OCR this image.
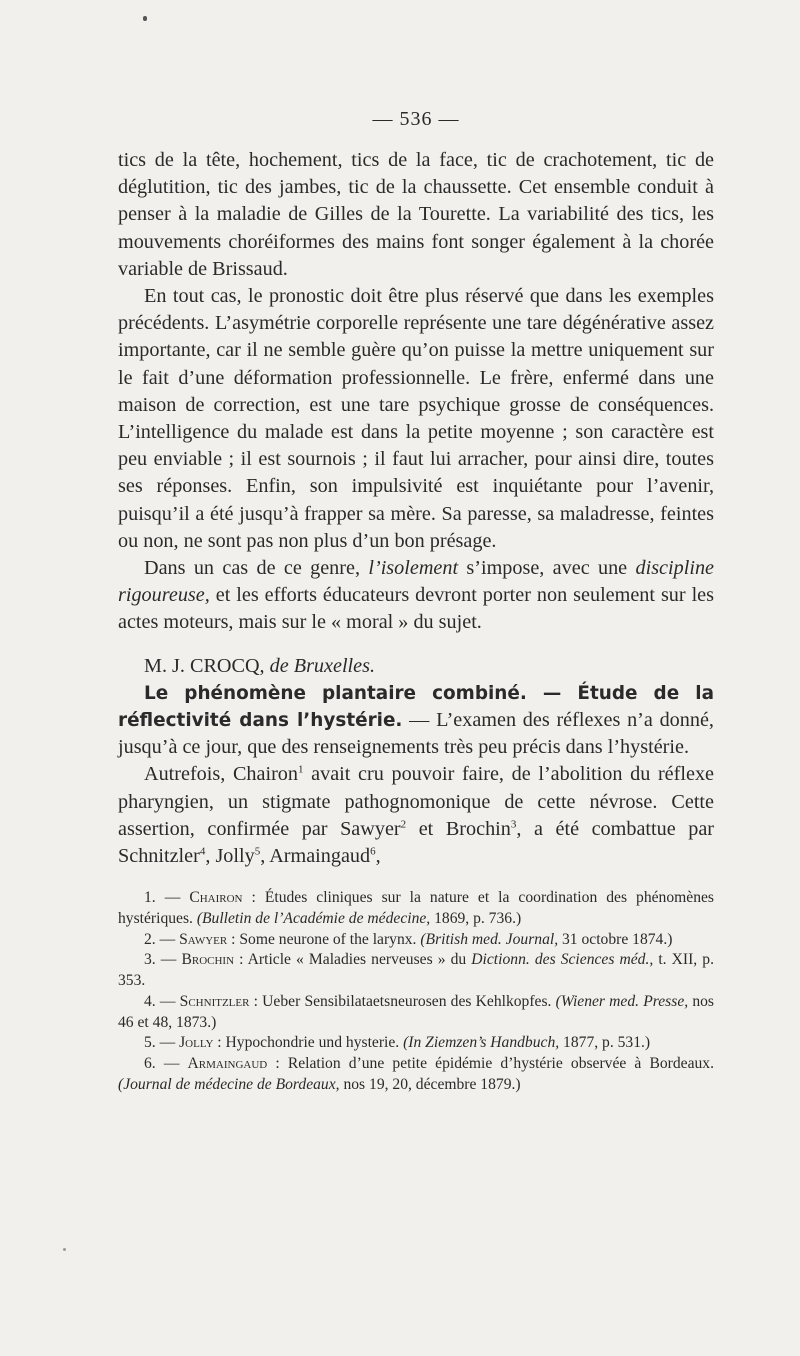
— 536 —

tics de la tête, hochement, tics de la face, tic de crachotement, tic de déglutition, tic des jambes, tic de la chaussette. Cet ensemble conduit à penser à la maladie de Gilles de la Tourette. La variabilité des tics, les mouvements choréiformes des mains font songer également à la chorée variable de Brissaud.

En tout cas, le pronostic doit être plus réservé que dans les exemples précédents. L’asymétrie corporelle représente une tare dégénérative assez importante, car il ne semble guère qu’on puisse la mettre uniquement sur le fait d’une déformation professionnelle. Le frère, enfermé dans une maison de correction, est une tare psychique grosse de conséquences. L’intelligence du malade est dans la petite moyenne ; son caractère est peu enviable ; il est sournois ; il faut lui arracher, pour ainsi dire, toutes ses réponses. Enfin, son impulsivité est inquiétante pour l’avenir, puisqu’il a été jusqu’à frapper sa mère. Sa paresse, sa maladresse, feintes ou non, ne sont pas non plus d’un bon présage.

Dans un cas de ce genre, l’isolement s’impose, avec une discipline rigoureuse, et les efforts éducateurs devront porter non seulement sur les actes moteurs, mais sur le « moral » du sujet.

M. J. CROCQ, de Bruxelles.

Le phénomène plantaire combiné. — Étude de la réflectivité dans l’hystérie. — L’examen des réflexes n’a donné, jusqu’à ce jour, que des renseignements très peu précis dans l’hystérie.

Autrefois, Chairon$^1$ avait cru pouvoir faire, de l’abolition du réflexe pharyngien, un stigmate pathognomonique de cette névrose. Cette assertion, confirmée par Sawyer$^2$ et Brochin$^3$, a été combattue par Schnitzler$^4$, Jolly$^5$, Armaingaud$^6$,

1. — Chairon : Études cliniques sur la nature et la coordination des phénomènes hystériques. (Bulletin de l’Académie de médecine, 1869, p. 736.)

2. — Sawyer : Some neurone of the larynx. (British med. Journal, 31 octobre 1874.)

3. — Brochin : Article « Maladies nerveuses » du Dictionn. des Sciences méd., t. XII, p. 353.

4. — Schnitzler : Ueber Sensibilataetsneurosen des Kehlkopfes. (Wiener med. Presse, nos 46 et 48, 1873.)

5. — Jolly : Hypochondrie und hysterie. (In Ziemzen’s Handbuch, 1877, p. 531.)

6. — Armaingaud : Relation d’une petite épidémie d’hystérie observée à Bordeaux. (Journal de médecine de Bordeaux, nos 19, 20, décembre 1879.)
